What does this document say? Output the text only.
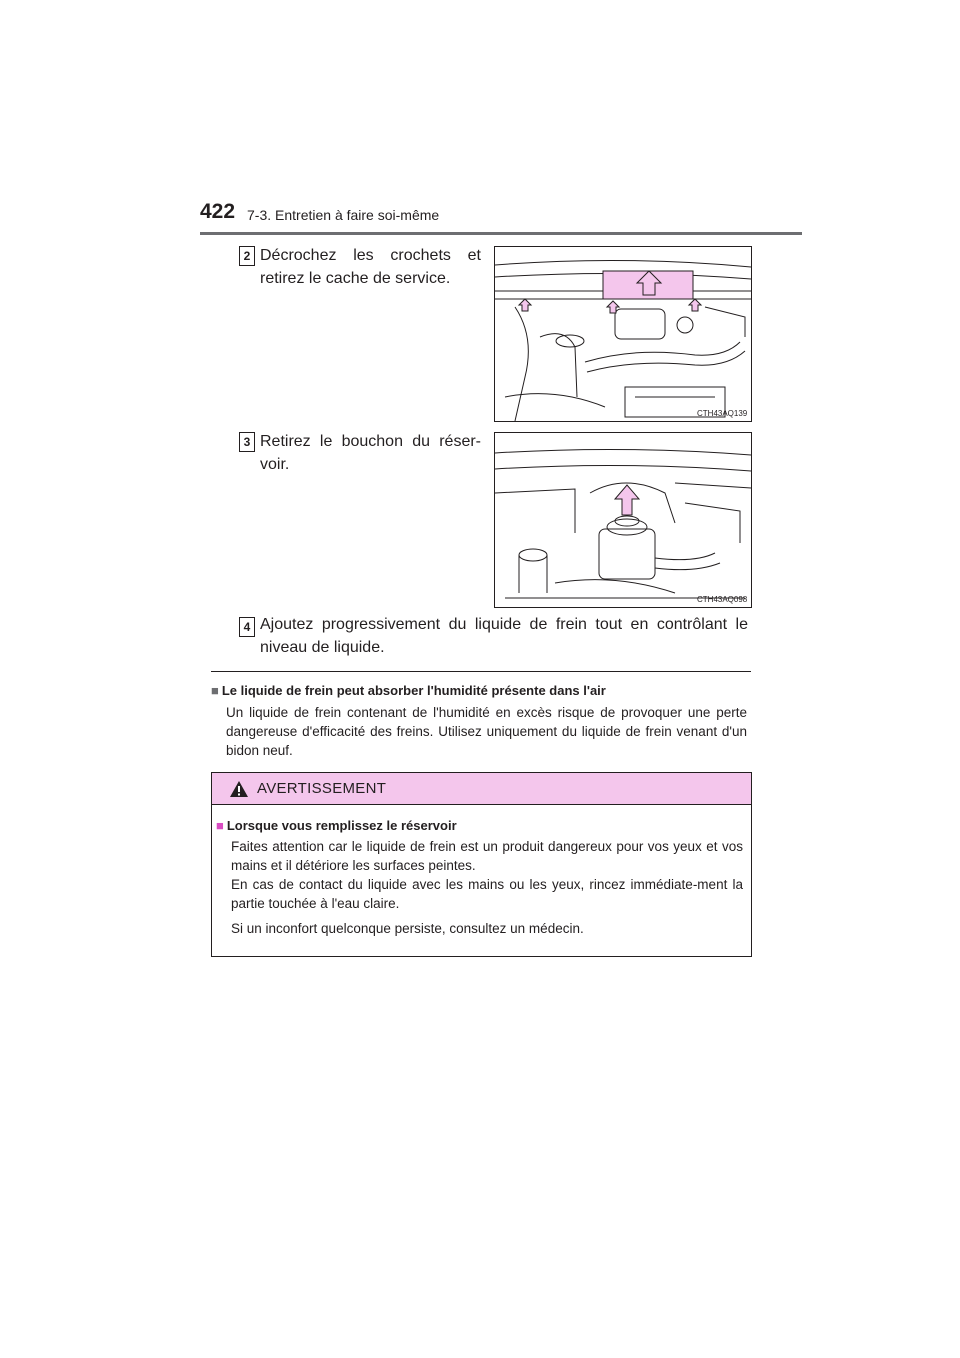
422 7-3. Entretien à faire soi-même
2 Décrochez les crochets et retirez le cache de service.
CTH43AQ139
3 Retirez le bouchon du réser-voir.
CTH43AQ098
4 Ajoutez progressivement du liquide de frein tout en contrôlant le niveau de liquide.
■ Le liquide de frein peut absorber l'humidité présente dans l'air
Un liquide de frein contenant de l'humidité en excès risque de provoquer une perte dangereuse d'efficacité des freins. Utilisez uniquement du liquide de frein venant d'un bidon neuf.
AVERTISSEMENT
■ Lorsque vous remplissez le réservoir
Faites attention car le liquide de frein est un produit dangereux pour vos yeux et vos mains et il détériore les surfaces peintes.
En cas de contact du liquide avec les mains ou les yeux, rincez immédiate-ment la partie touchée à l'eau claire.
Si un inconfort quelconque persiste, consultez un médecin.
